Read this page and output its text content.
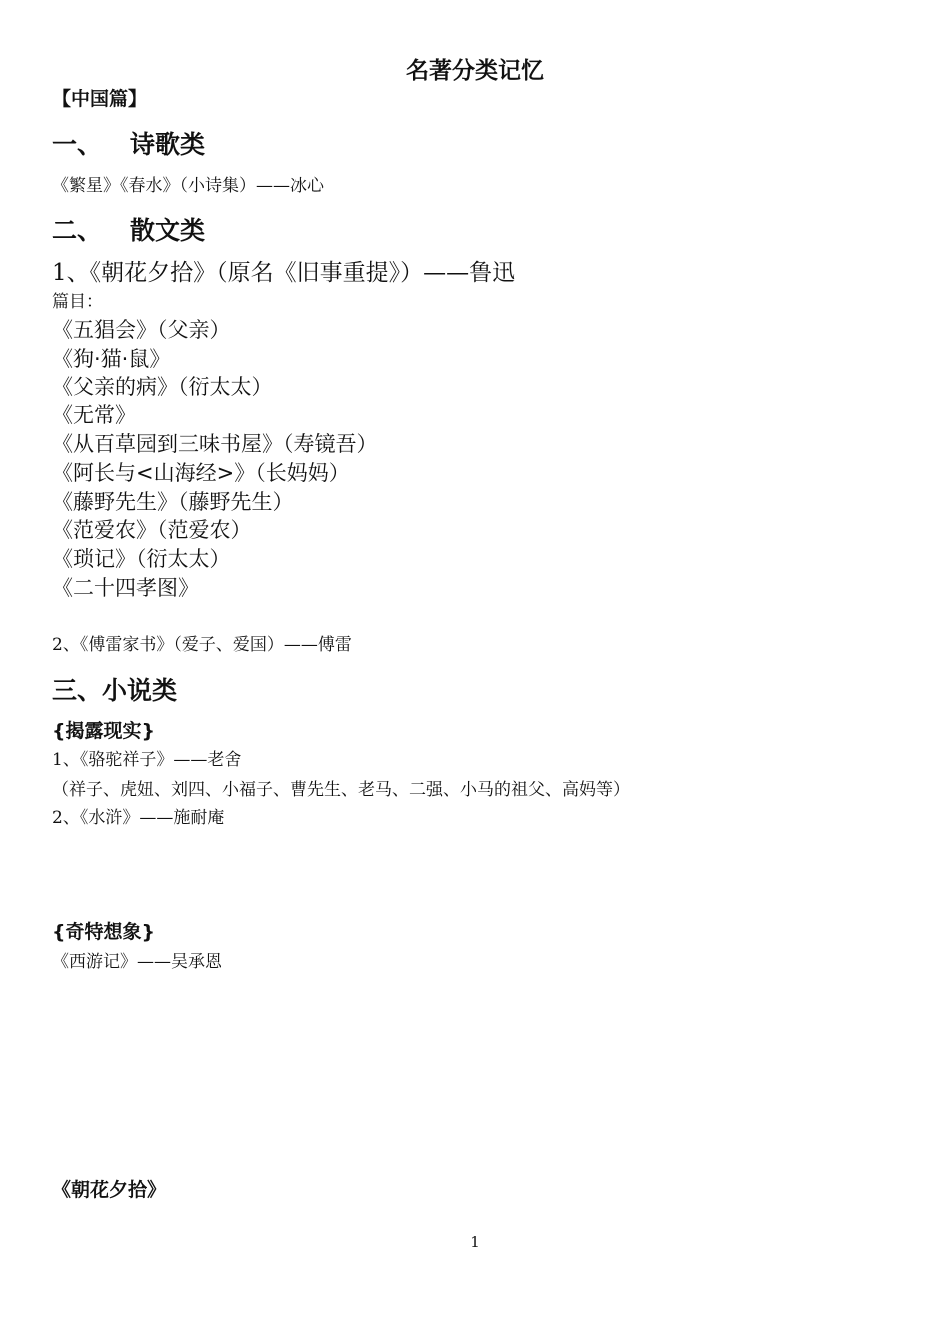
名著分类记忆
【中国篇】
一、 诗歌类
《繁星》《春水》（小诗集）——冰心
二、 散文类
1、《朝花夕拾》（原名《旧事重提》）——鲁迅
篇目：
《五猖会》（父亲）
《狗·猫·鼠》
《父亲的病》（衍太太）
《无常》
《从百草园到三味书屋》（寿镜吾）
《阿长与<山海经>》（长妈妈）
《藤野先生》（藤野先生）
《范爱农》（范爱农）
《琐记》（衍太太）
《二十四孝图》
2、《傅雷家书》（爱子、爱国）——傅雷
三、小说类
{揭露现实}
1、《骆驼祥子》——老舍
（祥子、虎妞、刘四、小福子、曹先生、老马、二强、小马的祖父、高妈等）
2、《水浒》——施耐庵
{奇特想象}
《西游记》——吴承恩
《朝花夕拾》
1
